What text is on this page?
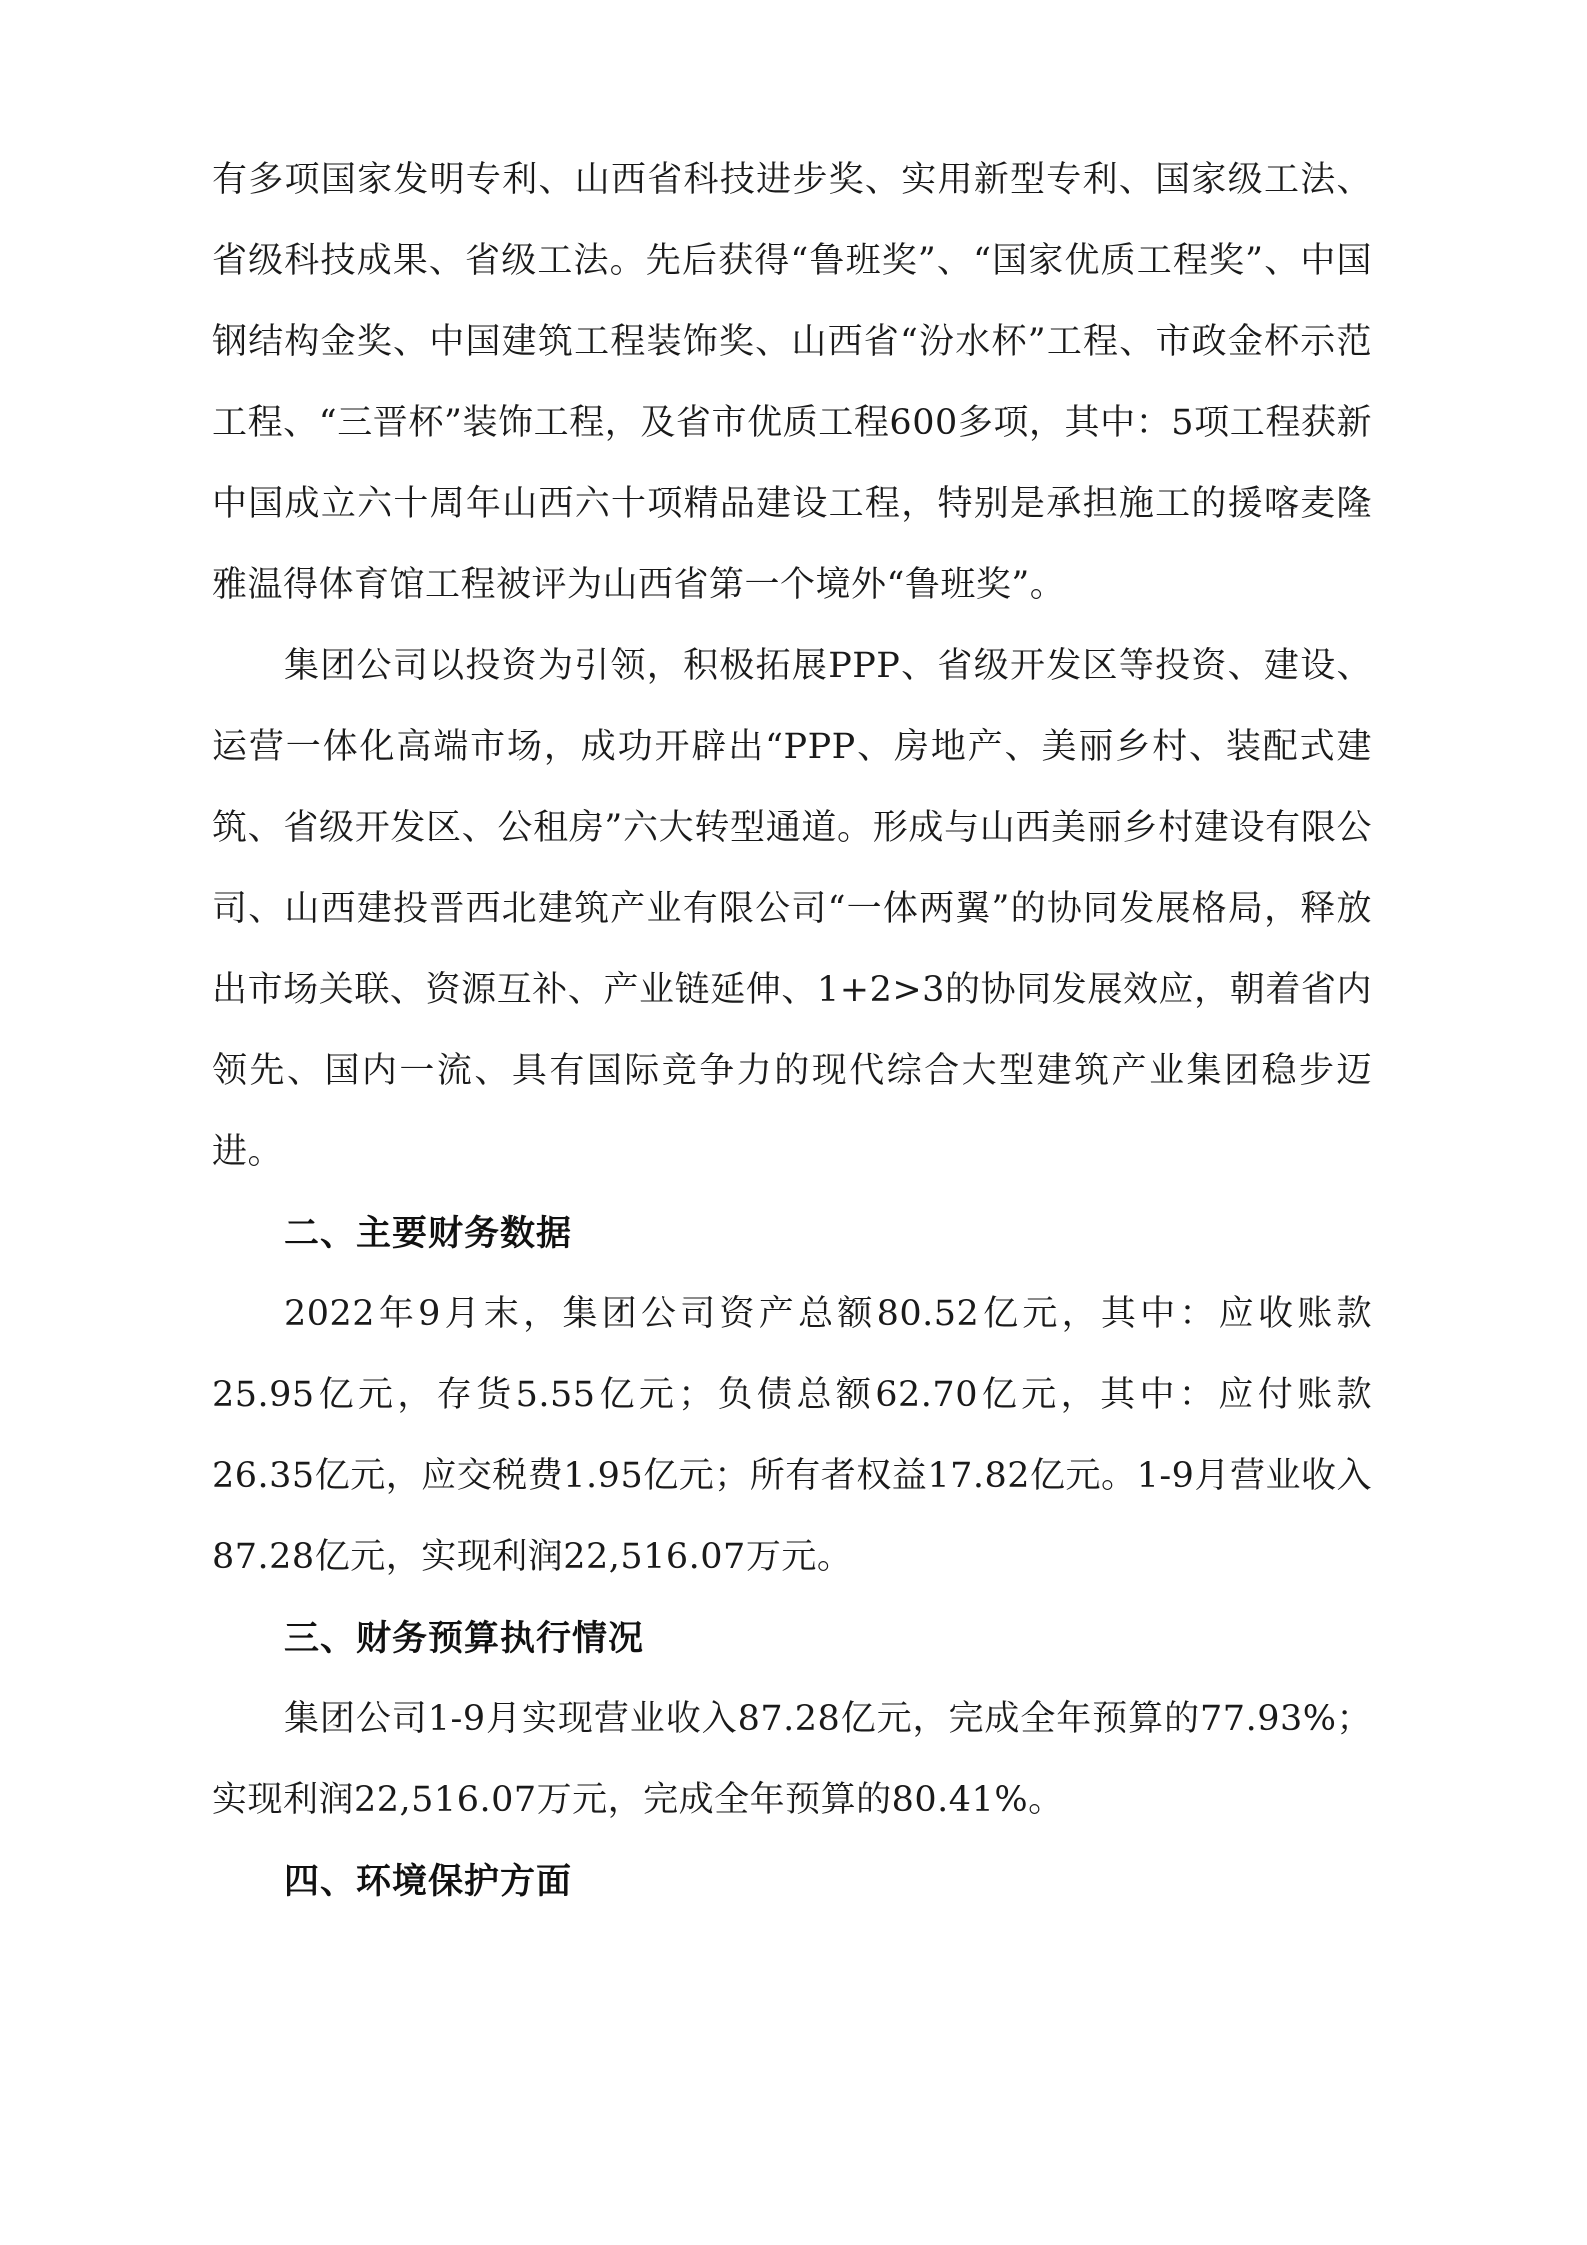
有多项国家发明专利、山西省科技进步奖、实用新型专利、国家级工法、省级科技成果、省级工法。先后获得“鲁班奖”、“国家优质工程奖”、中国钢结构金奖、中国建筑工程装饰奖、山西省“汾水杯”工程、市政金杯示范工程、“三晋杯”装饰工程，及省市优质工程600多项，其中：5项工程获新中国成立六十周年山西六十项精品建设工程，特别是承担施工的援喀麦隆雅温得体育馆工程被评为山西省第一个境外“鲁班奖”。

集团公司以投资为引领，积极拓展PPP、省级开发区等投资、建设、运营一体化高端市场，成功开辟出“PPP、房地产、美丽乡村、装配式建筑、省级开发区、公租房”六大转型通道。形成与山西美丽乡村建设有限公司、山西建投晋西北建筑产业有限公司“一体两翼”的协同发展格局，释放出市场关联、资源互补、产业链延伸、1+2>3的协同发展效应，朝着省内领先、国内一流、具有国际竞争力的现代综合大型建筑产业集团稳步迈进。

二、主要财务数据

2022年9月末，集团公司资产总额80.52亿元，其中：应收账款25.95亿元，存货5.55亿元；负债总额62.70亿元，其中：应付账款26.35亿元，应交税费1.95亿元；所有者权益17.82亿元。1-9月营业收入87.28亿元，实现利润22,516.07万元。

三、财务预算执行情况

集团公司1-9月实现营业收入87.28亿元，完成全年预算的77.93%；实现利润22,516.07万元，完成全年预算的80.41%。

四、环境保护方面
